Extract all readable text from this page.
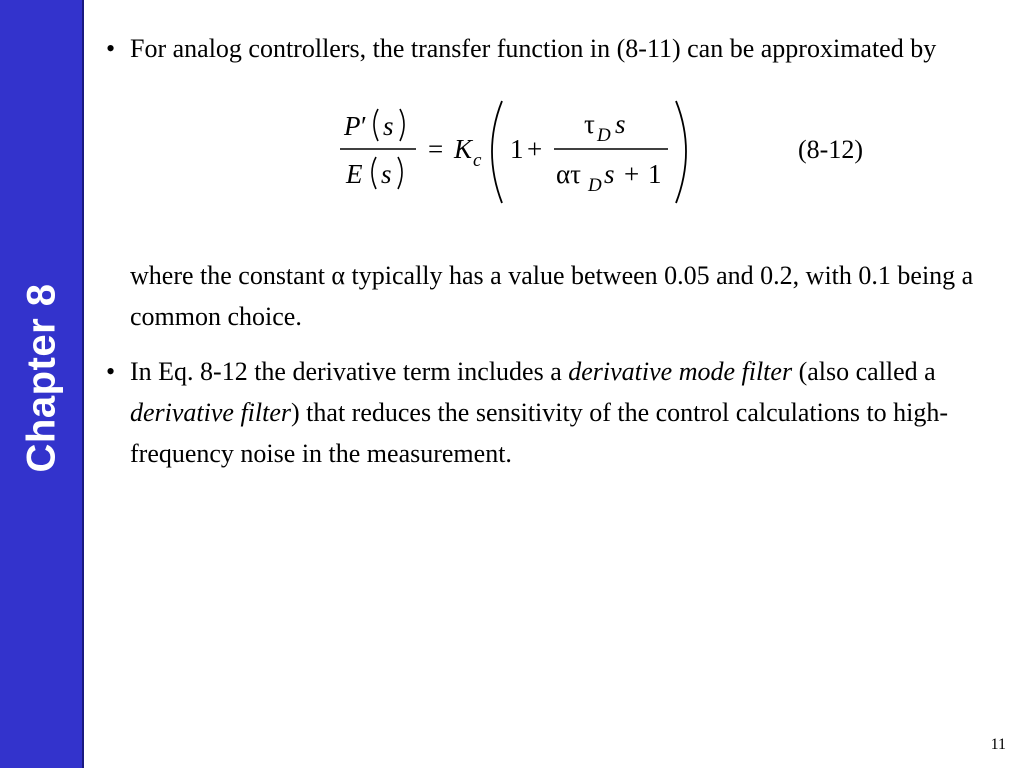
Chapter 8

• For analog controllers, the transfer function in (8-11) can be approximated by

P ′ s
E s
= K c 1 +
τ D s
ατ D s + 1
(8-12)

where the constant α typically has a value between 0.05 and 0.2, with 0.1 being a common choice.

• In Eq. 8-12 the derivative term includes a derivative mode filter (also called a derivative filter) that reduces the sensitivity of the control calculations to high-frequency noise in the measurement.

11
